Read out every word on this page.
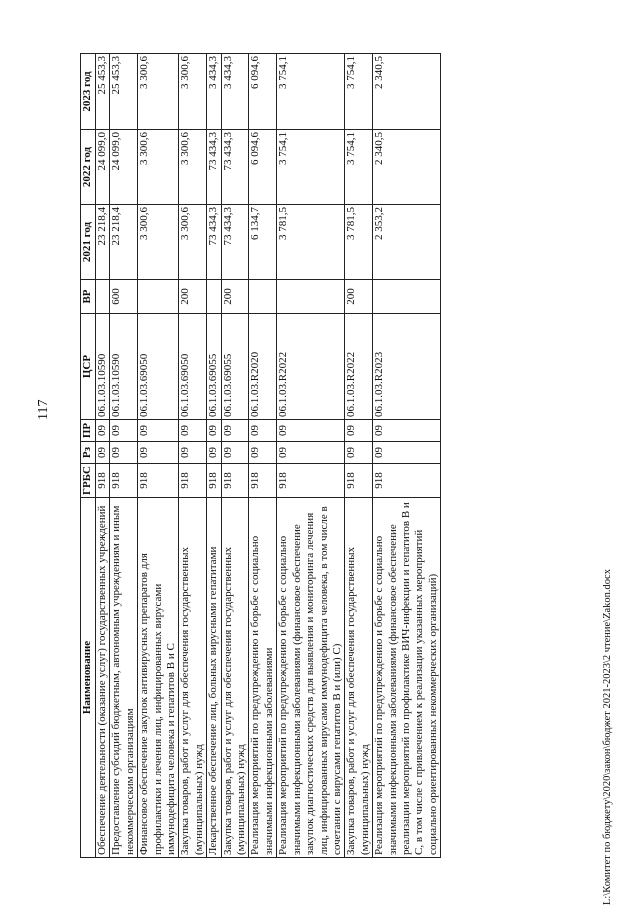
117
Наименование	ГРБС	Рз	ПР	ЦСР	ВР	2021 год	2022 год	2023 год
Обеспечение деятельности (оказание услуг) государственных учреждений	918	09	09	06.1.03.10590		23 218,4	24 099,0	25 453,3
Предоставление субсидий бюджетным, автономным учреждениям и иным некоммерческим организациям	918	09	09	06.1.03.10590	600	23 218,4	24 099,0	25 453,3
Финансовое обеспечение закупок антивирусных препаратов для профилактики и лечения лиц, инфицированных вирусами иммунодефицита человека и гепатитов В и С	918	09	09	06.1.03.69050		3 300,6	3 300,6	3 300,6
Закупка товаров, работ и услуг для обеспечения государственных (муниципальных) нужд	918	09	09	06.1.03.69050	200	3 300,6	3 300,6	3 300,6
Лекарственное обеспечение лиц, больных вирусными гепатитами	918	09	09	06.1.03.69055		73 434,3	73 434,3	3 434,3
Закупка товаров, работ и услуг для обеспечения государственных (муниципальных) нужд	918	09	09	06.1.03.69055	200	73 434,3	73 434,3	3 434,3
Реализация мероприятий по предупреждению и борьбе с социально значимыми инфекционными заболеваниями	918	09	09	06.1.03.R2020		6 134,7	6 094,6	6 094,6
Реализация мероприятий по предупреждению и борьбе с социально значимыми инфекционными заболеваниями (финансовое обеспечение закупок диагностических средств для выявления и мониторинга лечения лиц, инфицированных вирусами иммунодефицита человека, в том числе в сочетании с вирусами гепатитов В и (или) С)	918	09	09	06.1.03.R2022		3 781,5	3 754,1	3 754,1
Закупка товаров, работ и услуг для обеспечения государственных (муниципальных) нужд	918	09	09	06.1.03.R2022	200	3 781,5	3 754,1	3 754,1
Реализация мероприятий по предупреждению и борьбе с социально значимыми инфекционными заболеваниями (финансовое обеспечение реализации мероприятий по профилактике ВИЧ-инфекции и гепатитов В и С, в том числе с привлечением к реализации указанных мероприятий социально ориентированных некоммерческих организаций)	918	09	09	06.1.03.R2023		2 353,2	2 340,5	2 340,5
L:\Комитет по бюджету\2020\закон\бюджет 2021-2023\2 чтение\Zakon.docx
